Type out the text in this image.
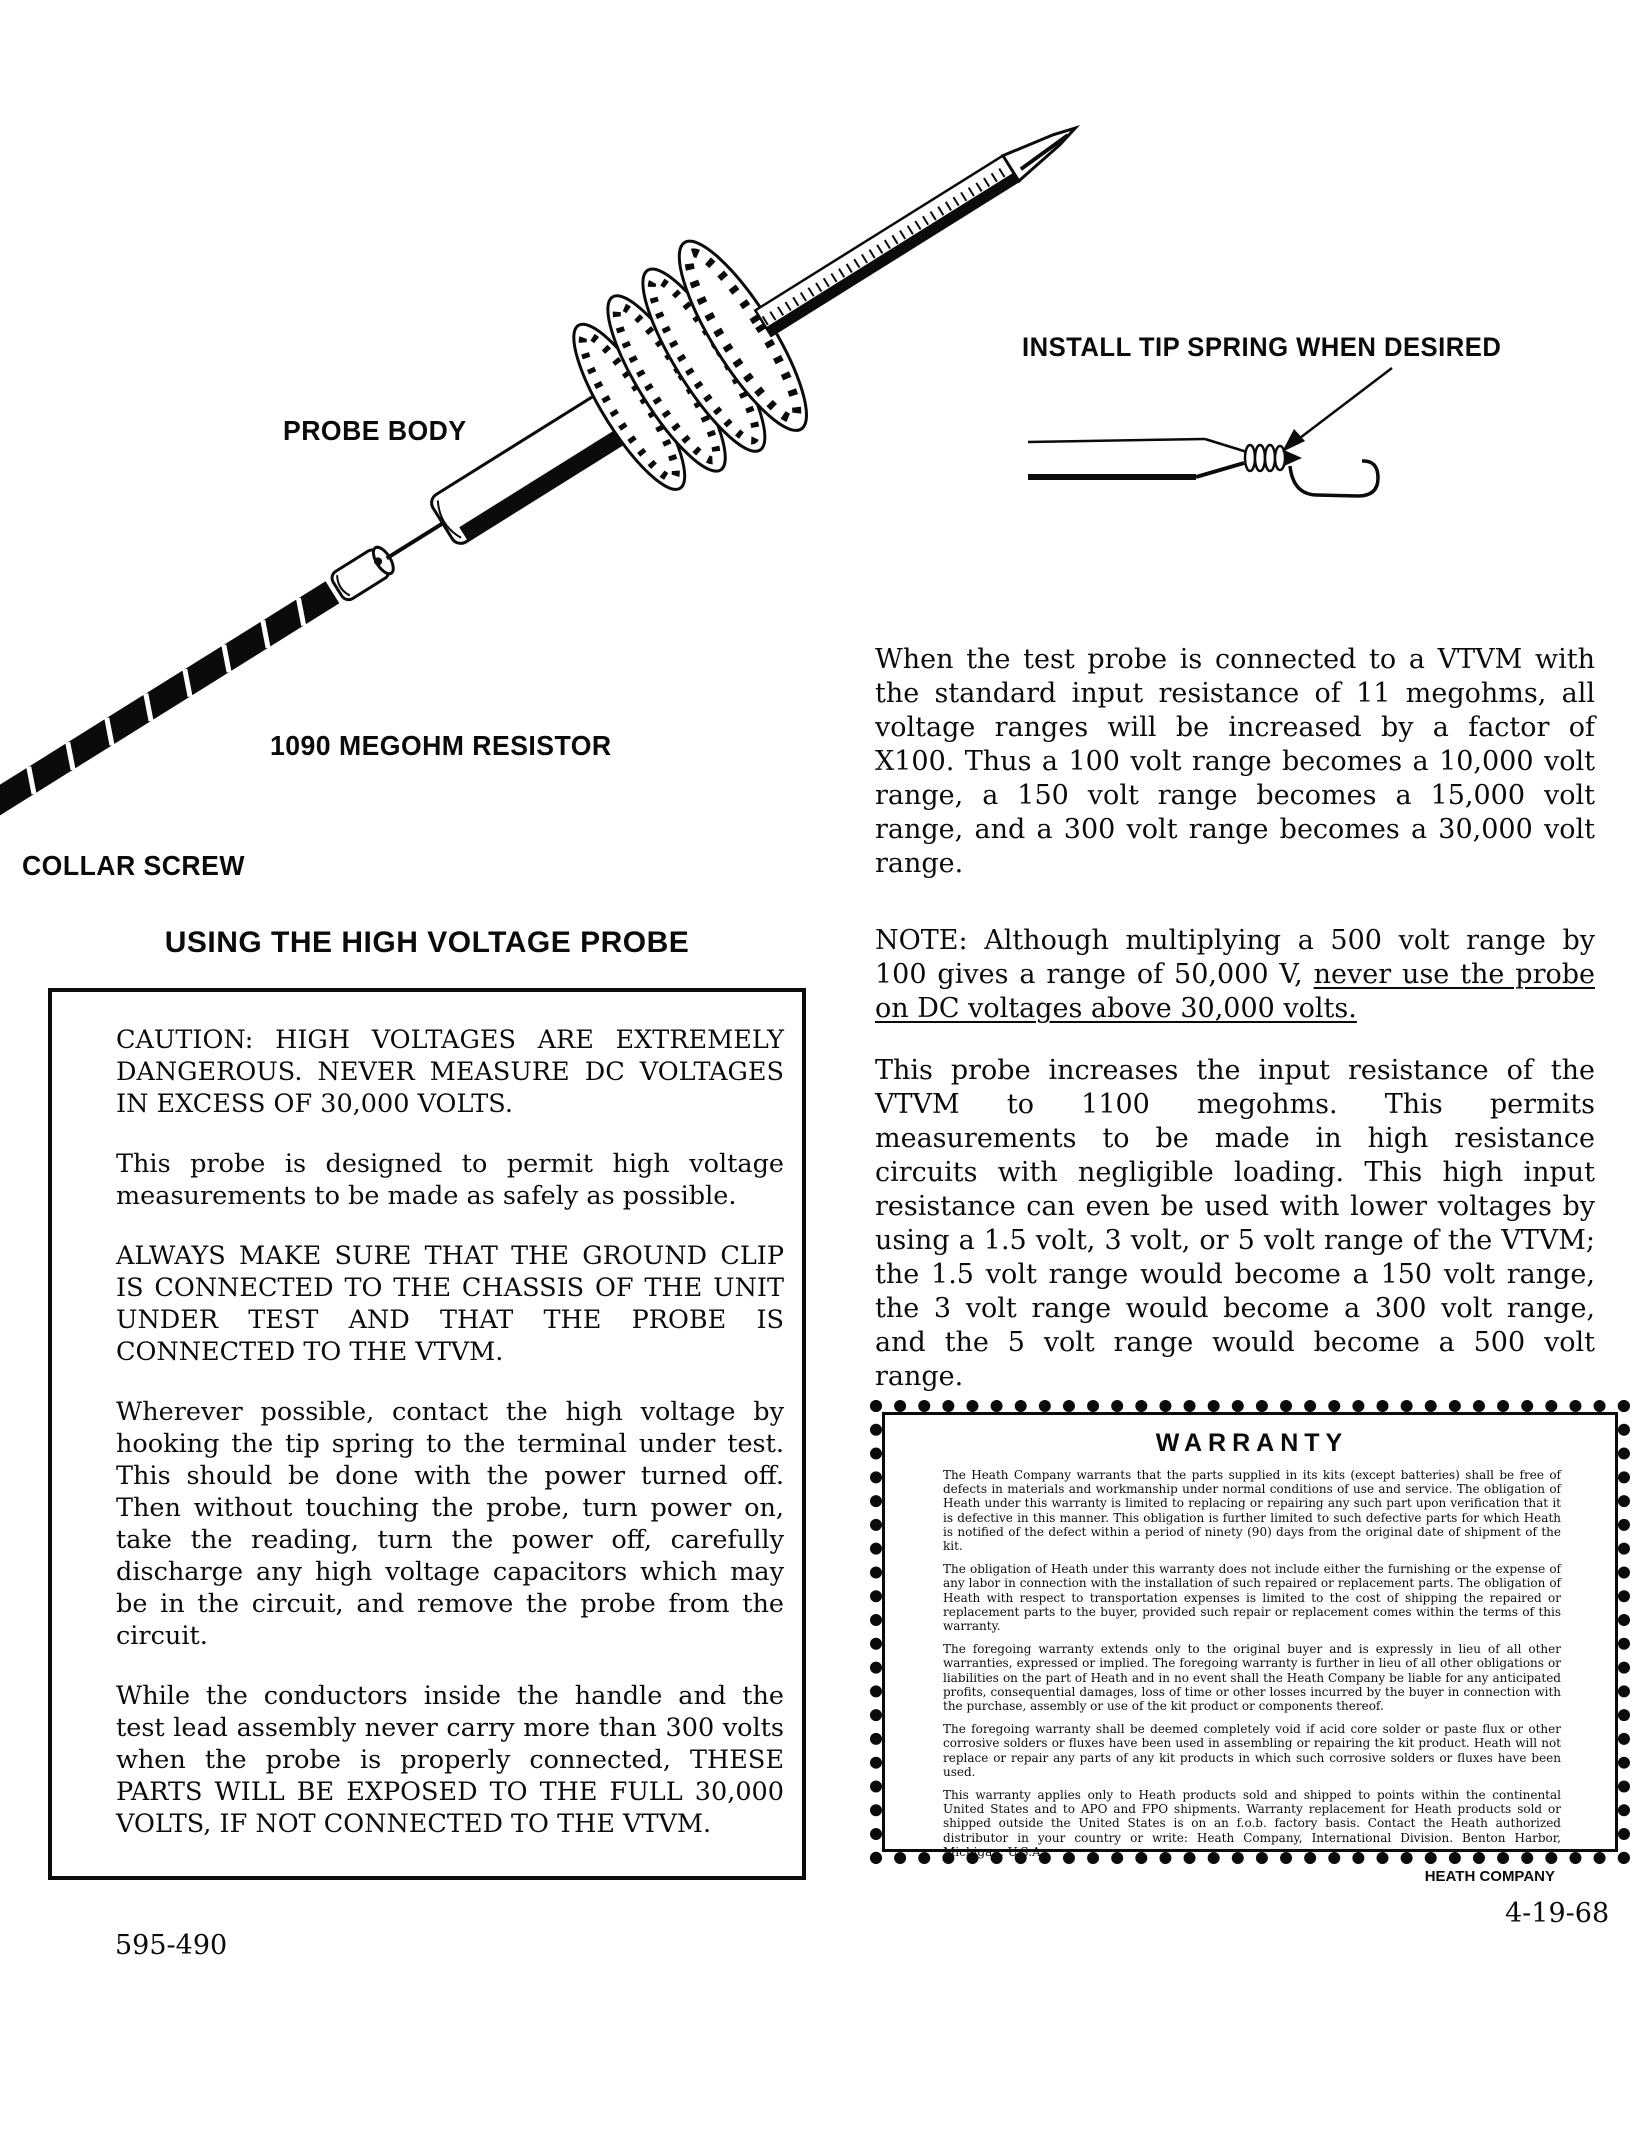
PROBE BODY
1090 MEGOHM RESISTOR
COLLAR SCREW
INSTALL TIP SPRING WHEN DESIRED
USING THE HIGH VOLTAGE PROBE

CAUTION: HIGH VOLTAGES ARE EXTREMELY DANGEROUS. NEVER MEASURE DC VOLTAGES IN EXCESS OF 30,000 VOLTS.

This probe is designed to permit high voltage measurements to be made as safely as possible.

ALWAYS MAKE SURE THAT THE GROUND CLIP IS CONNECTED TO THE CHASSIS OF THE UNIT UNDER TEST AND THAT THE PROBE IS CONNECTED TO THE VTVM.

Wherever possible, contact the high voltage by hooking the tip spring to the terminal under test. This should be done with the power turned off. Then without touching the probe, turn power on, take the reading, turn the power off, carefully discharge any high voltage capacitors which may be in the circuit, and remove the probe from the circuit.

While the conductors inside the handle and the test lead assembly never carry more than 300 volts when the probe is properly connected, THESE PARTS WILL BE EXPOSED TO THE FULL 30,000 VOLTS, IF NOT CONNECTED TO THE VTVM.

595-490
When the test probe is connected to a VTVM with the standard input resistance of 11 megohms, all voltage ranges will be increased by a factor of X100. Thus a 100 volt range becomes a 10,000 volt range, a 150 volt range becomes a 15,000 volt range, and a 300 volt range becomes a 30,000 volt range.
NOTE: Although multiplying a 500 volt range by 100 gives a range of 50,000 V, never use the probe on DC voltages above 30,000 volts.
This probe increases the input resistance of the VTVM to 1100 megohms. This permits measurements to be made in high resistance circuits with negligible loading. This high input resistance can even be used with lower voltages by using a 1.5 volt, 3 volt, or 5 volt range of the VTVM; the 1.5 volt range would become a 150 volt range, the 3 volt range would become a 300 volt range, and the 5 volt range would become a 500 volt range.
WARRANTY

The Heath Company warrants that the parts supplied in its kits (except batteries) shall be free of defects in materials and workmanship under normal conditions of use and service. The obligation of Heath under this warranty is limited to replacing or repairing any such part upon verification that it is defective in this manner. This obligation is further limited to such defective parts for which Heath is notified of the defect within a period of ninety (90) days from the original date of shipment of the kit.

The obligation of Heath under this warranty does not include either the furnishing or the expense of any labor in connection with the installation of such repaired or replacement parts. The obligation of Heath with respect to transportation expenses is limited to the cost of shipping the repaired or replacement parts to the buyer, provided such repair or replacement comes within the terms of this warranty.

The foregoing warranty extends only to the original buyer and is expressly in lieu of all other warranties, expressed or implied. The foregoing warranty is further in lieu of all other obligations or liabilities on the part of Heath and in no event shall the Heath Company be liable for any anticipated profits, consequential damages, loss of time or other losses incurred by the buyer in connection with the purchase, assembly or use of the kit product or components thereof.

The foregoing warranty shall be deemed completely void if acid core solder or paste flux or other corrosive solders or fluxes have been used in assembling or repairing the kit product. Heath will not replace or repair any parts of any kit products in which such corrosive solders or fluxes have been used.

This warranty applies only to Heath products sold and shipped to points within the continental United States and to APO and FPO shipments. Warranty replacement for Heath products sold or shipped outside the United States is on an f.o.b. factory basis. Contact the Heath authorized distributor in your country or write: Heath Company, International Division. Benton Harbor, Michigan, U.S.A.

HEATH COMPANY
4-19-68
